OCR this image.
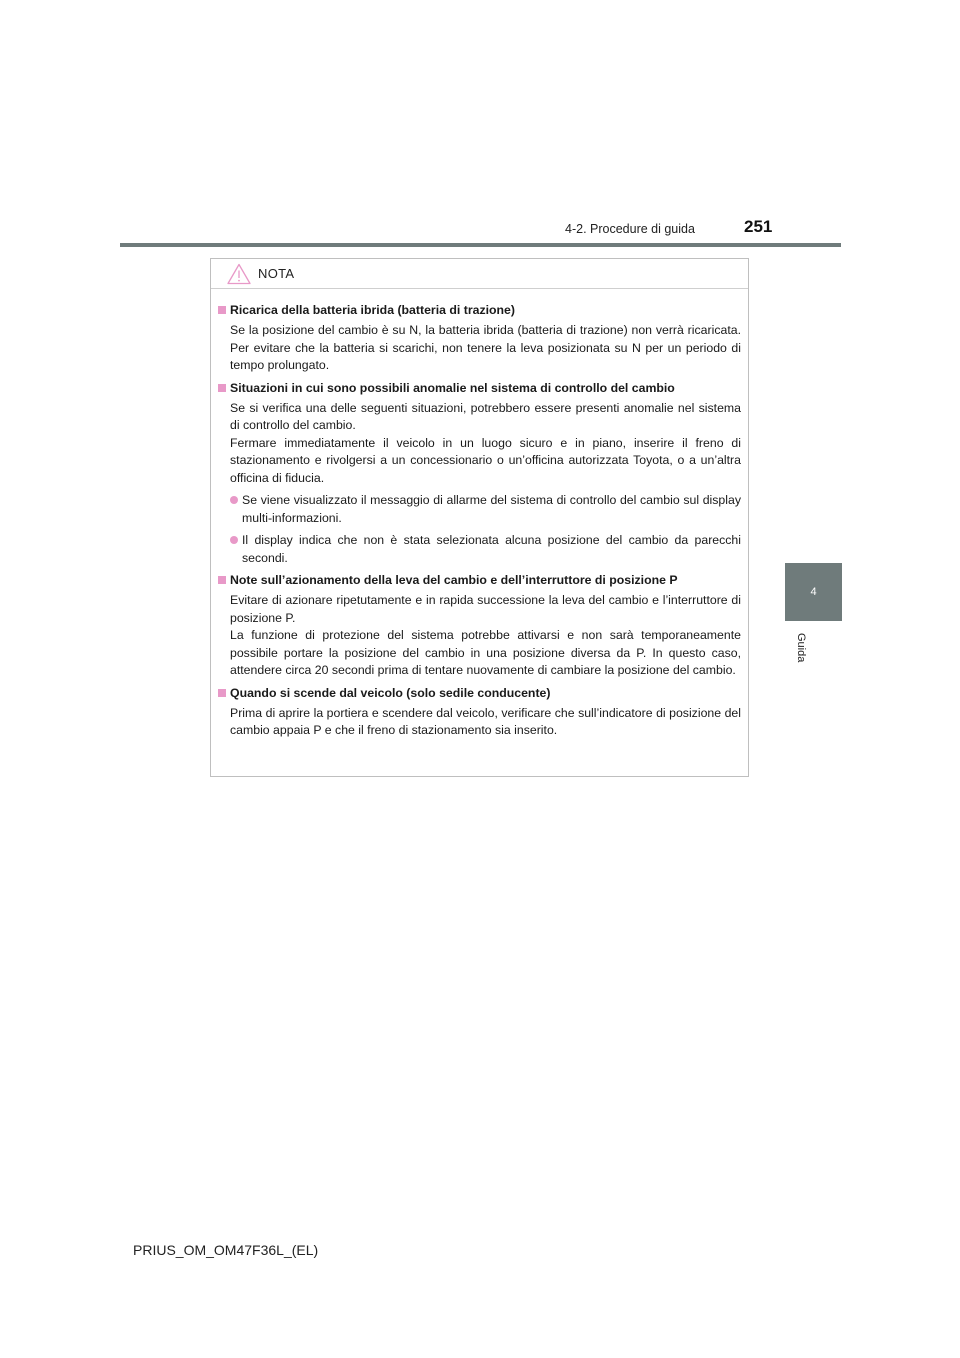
4-2. Procedure di guida	251
4
Guida
NOTA
Ricarica della batteria ibrida (batteria di trazione)
Se la posizione del cambio è su N, la batteria ibrida (batteria di trazione) non verrà ricaricata. Per evitare che la batteria si scarichi, non tenere la leva posizionata su N per un periodo di tempo prolungato.
Situazioni in cui sono possibili anomalie nel sistema di controllo del cambio
Se si verifica una delle seguenti situazioni, potrebbero essere presenti anomalie nel sistema di controllo del cambio.
Fermare immediatamente il veicolo in un luogo sicuro e in piano, inserire il freno di stazionamento e rivolgersi a un concessionario o un’officina autorizzata Toyota, o a un’altra officina di fiducia.
Se viene visualizzato il messaggio di allarme del sistema di controllo del cambio sul display multi-informazioni.
Il display indica che non è stata selezionata alcuna posizione del cambio da parecchi secondi.
Note sull’azionamento della leva del cambio e dell’interruttore di posizione P
Evitare di azionare ripetutamente e in rapida successione la leva del cambio e l’interruttore di posizione P.
La funzione di protezione del sistema potrebbe attivarsi e non sarà temporaneamente possibile portare la posizione del cambio in una posizione diversa da P. In questo caso, attendere circa 20 secondi prima di tentare nuovamente di cambiare la posizione del cambio.
Quando si scende dal veicolo (solo sedile conducente)
Prima di aprire la portiera e scendere dal veicolo, verificare che sull’indicatore di posizione del cambio appaia P e che il freno di stazionamento sia inserito.
PRIUS_OM_OM47F36L_(EL)
